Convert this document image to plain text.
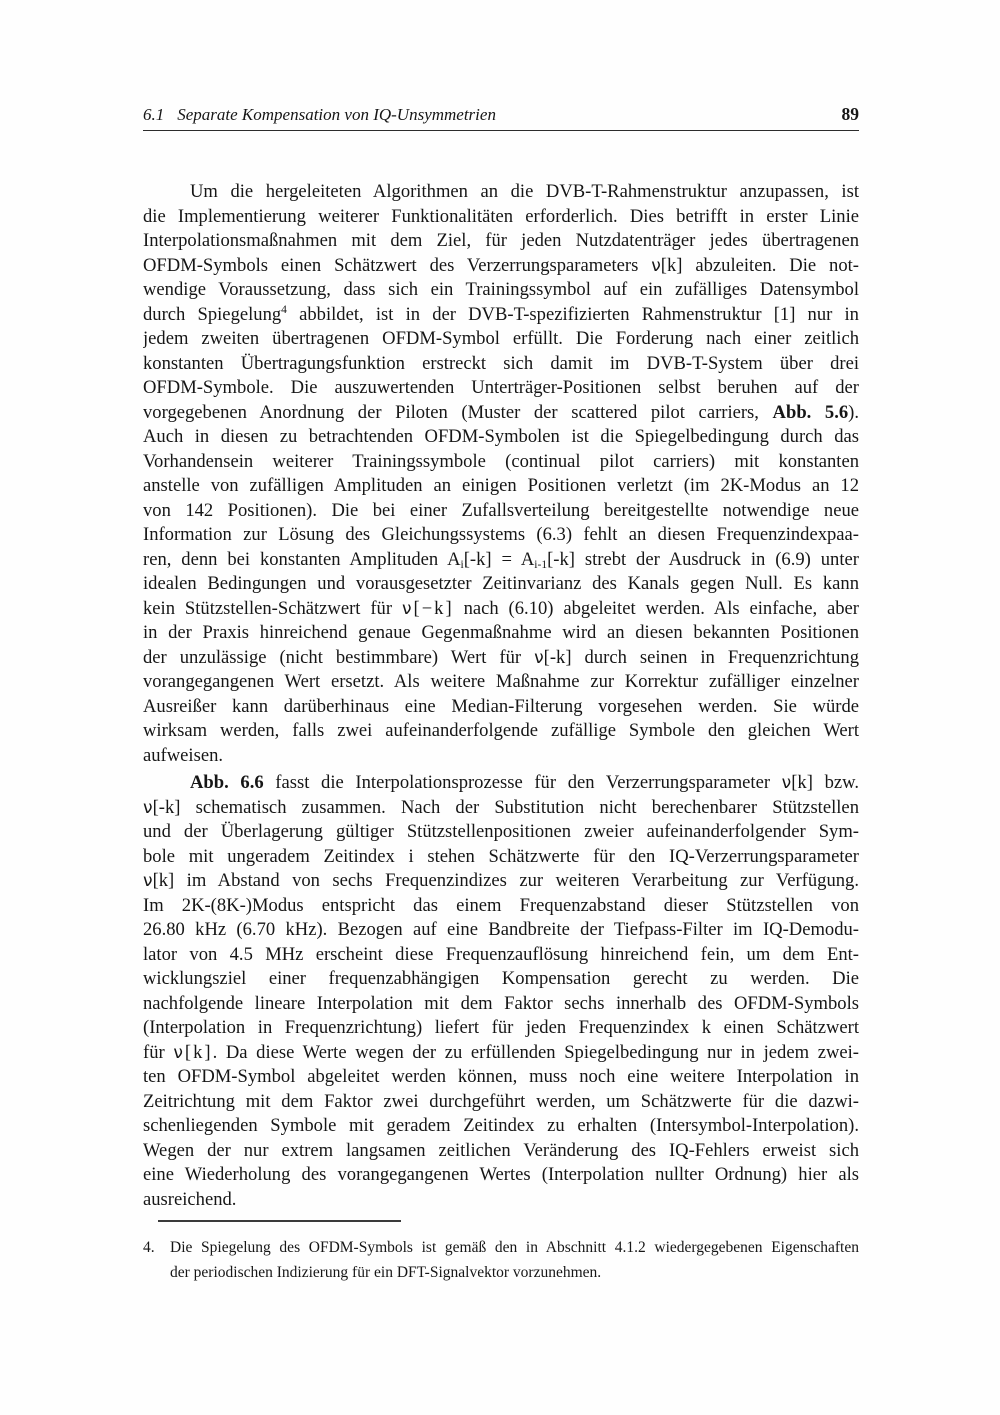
6.1 Separate Kompensation von IQ-Unsymmetrien	89
Um die hergeleiteten Algorithmen an die DVB-T-Rahmenstruktur anzupassen, ist
die Implementierung weiterer Funktionalitäten erforderlich. Dies betrifft in erster Linie
Interpolationsmaßnahmen mit dem Ziel, für jeden Nutzdatenträger jedes übertragenen
OFDM-Symbols einen Schätzwert des Verzerrungsparameters ν[k] abzuleiten. Die not-
wendige Voraussetzung, dass sich ein Trainingssymbol auf ein zufälliges Datensymbol
durch Spiegelung$^4$ abbildet, ist in der DVB-T-spezifizierten Rahmenstruktur [1] nur in
jedem zweiten übertragenen OFDM-Symbol erfüllt. Die Forderung nach einer zeitlich
konstanten Übertragungsfunktion erstreckt sich damit im DVB-T-System über drei
OFDM-Symbole. Die auszuwertenden Unterträger-Positionen selbst beruhen auf der
vorgegebenen Anordnung der Piloten (Muster der scattered pilot carriers, Abb. 5.6).
Auch in diesen zu betrachtenden OFDM-Symbolen ist die Spiegelbedingung durch das
Vorhandensein weiterer Trainingssymbole (continual pilot carriers) mit konstanten
anstelle von zufälligen Amplituden an einigen Positionen verletzt (im 2K-Modus an 12
von 142 Positionen). Die bei einer Zufallsverteilung bereitgestellte notwendige neue
Information zur Lösung des Gleichungssystems (6.3) fehlt an diesen Frequenzindexpaa-
ren, denn bei konstanten Amplituden $A_i[-k] = A_{i-1}[-k]$ strebt der Ausdruck in (6.9) unter
idealen Bedingungen und vorausgesetzter Zeitinvarianz des Kanals gegen Null. Es kann
kein Stützstellen-Schätzwert für ν[−k] nach (6.10) abgeleitet werden. Als einfache, aber
in der Praxis hinreichend genaue Gegenmaßnahme wird an diesen bekannten Positionen
der unzulässige (nicht bestimmbare) Wert für ν[-k] durch seinen in Frequenzrichtung
vorangegangenen Wert ersetzt. Als weitere Maßnahme zur Korrektur zufälliger einzelner
Ausreißer kann darüberhinaus eine Median-Filterung vorgesehen werden. Sie würde
wirksam werden, falls zwei aufeinanderfolgende zufällige Symbole den gleichen Wert
aufweisen.
Abb. 6.6 fasst die Interpolationsprozesse für den Verzerrungsparameter ν[k] bzw.
ν[-k] schematisch zusammen. Nach der Substitution nicht berechenbarer Stützstellen
und der Überlagerung gültiger Stützstellenpositionen zweier aufeinanderfolgender Sym-
bole mit ungeradem Zeitindex i stehen Schätzwerte für den IQ-Verzerrungsparameter
ν[k] im Abstand von sechs Frequenzindizes zur weiteren Verarbeitung zur Verfügung.
Im 2K-(8K-)Modus entspricht das einem Frequenzabstand dieser Stützstellen von
26.80 kHz (6.70 kHz). Bezogen auf eine Bandbreite der Tiefpass-Filter im IQ-Demodu-
lator von 4.5 MHz erscheint diese Frequenzauflösung hinreichend fein, um dem Ent-
wicklungsziel einer frequenzabhängigen Kompensation gerecht zu werden. Die
nachfolgende lineare Interpolation mit dem Faktor sechs innerhalb des OFDM-Symbols
(Interpolation in Frequenzrichtung) liefert für jeden Frequenzindex k einen Schätzwert
für ν[k]. Da diese Werte wegen der zu erfüllenden Spiegelbedingung nur in jedem zwei-
ten OFDM-Symbol abgeleitet werden können, muss noch eine weitere Interpolation in
Zeitrichtung mit dem Faktor zwei durchgeführt werden, um Schätzwerte für die dazwi-
schenliegenden Symbole mit geradem Zeitindex zu erhalten (Intersymbol-Interpolation).
Wegen der nur extrem langsamen zeitlichen Veränderung des IQ-Fehlers erweist sich
eine Wiederholung des vorangegangenen Wertes (Interpolation nullter Ordnung) hier als
ausreichend.
4. Die Spiegelung des OFDM-Symbols ist gemäß den in Abschnitt 4.1.2 wiedergegebenen Eigenschaften
der periodischen Indizierung für ein DFT-Signalvektor vorzunehmen.
